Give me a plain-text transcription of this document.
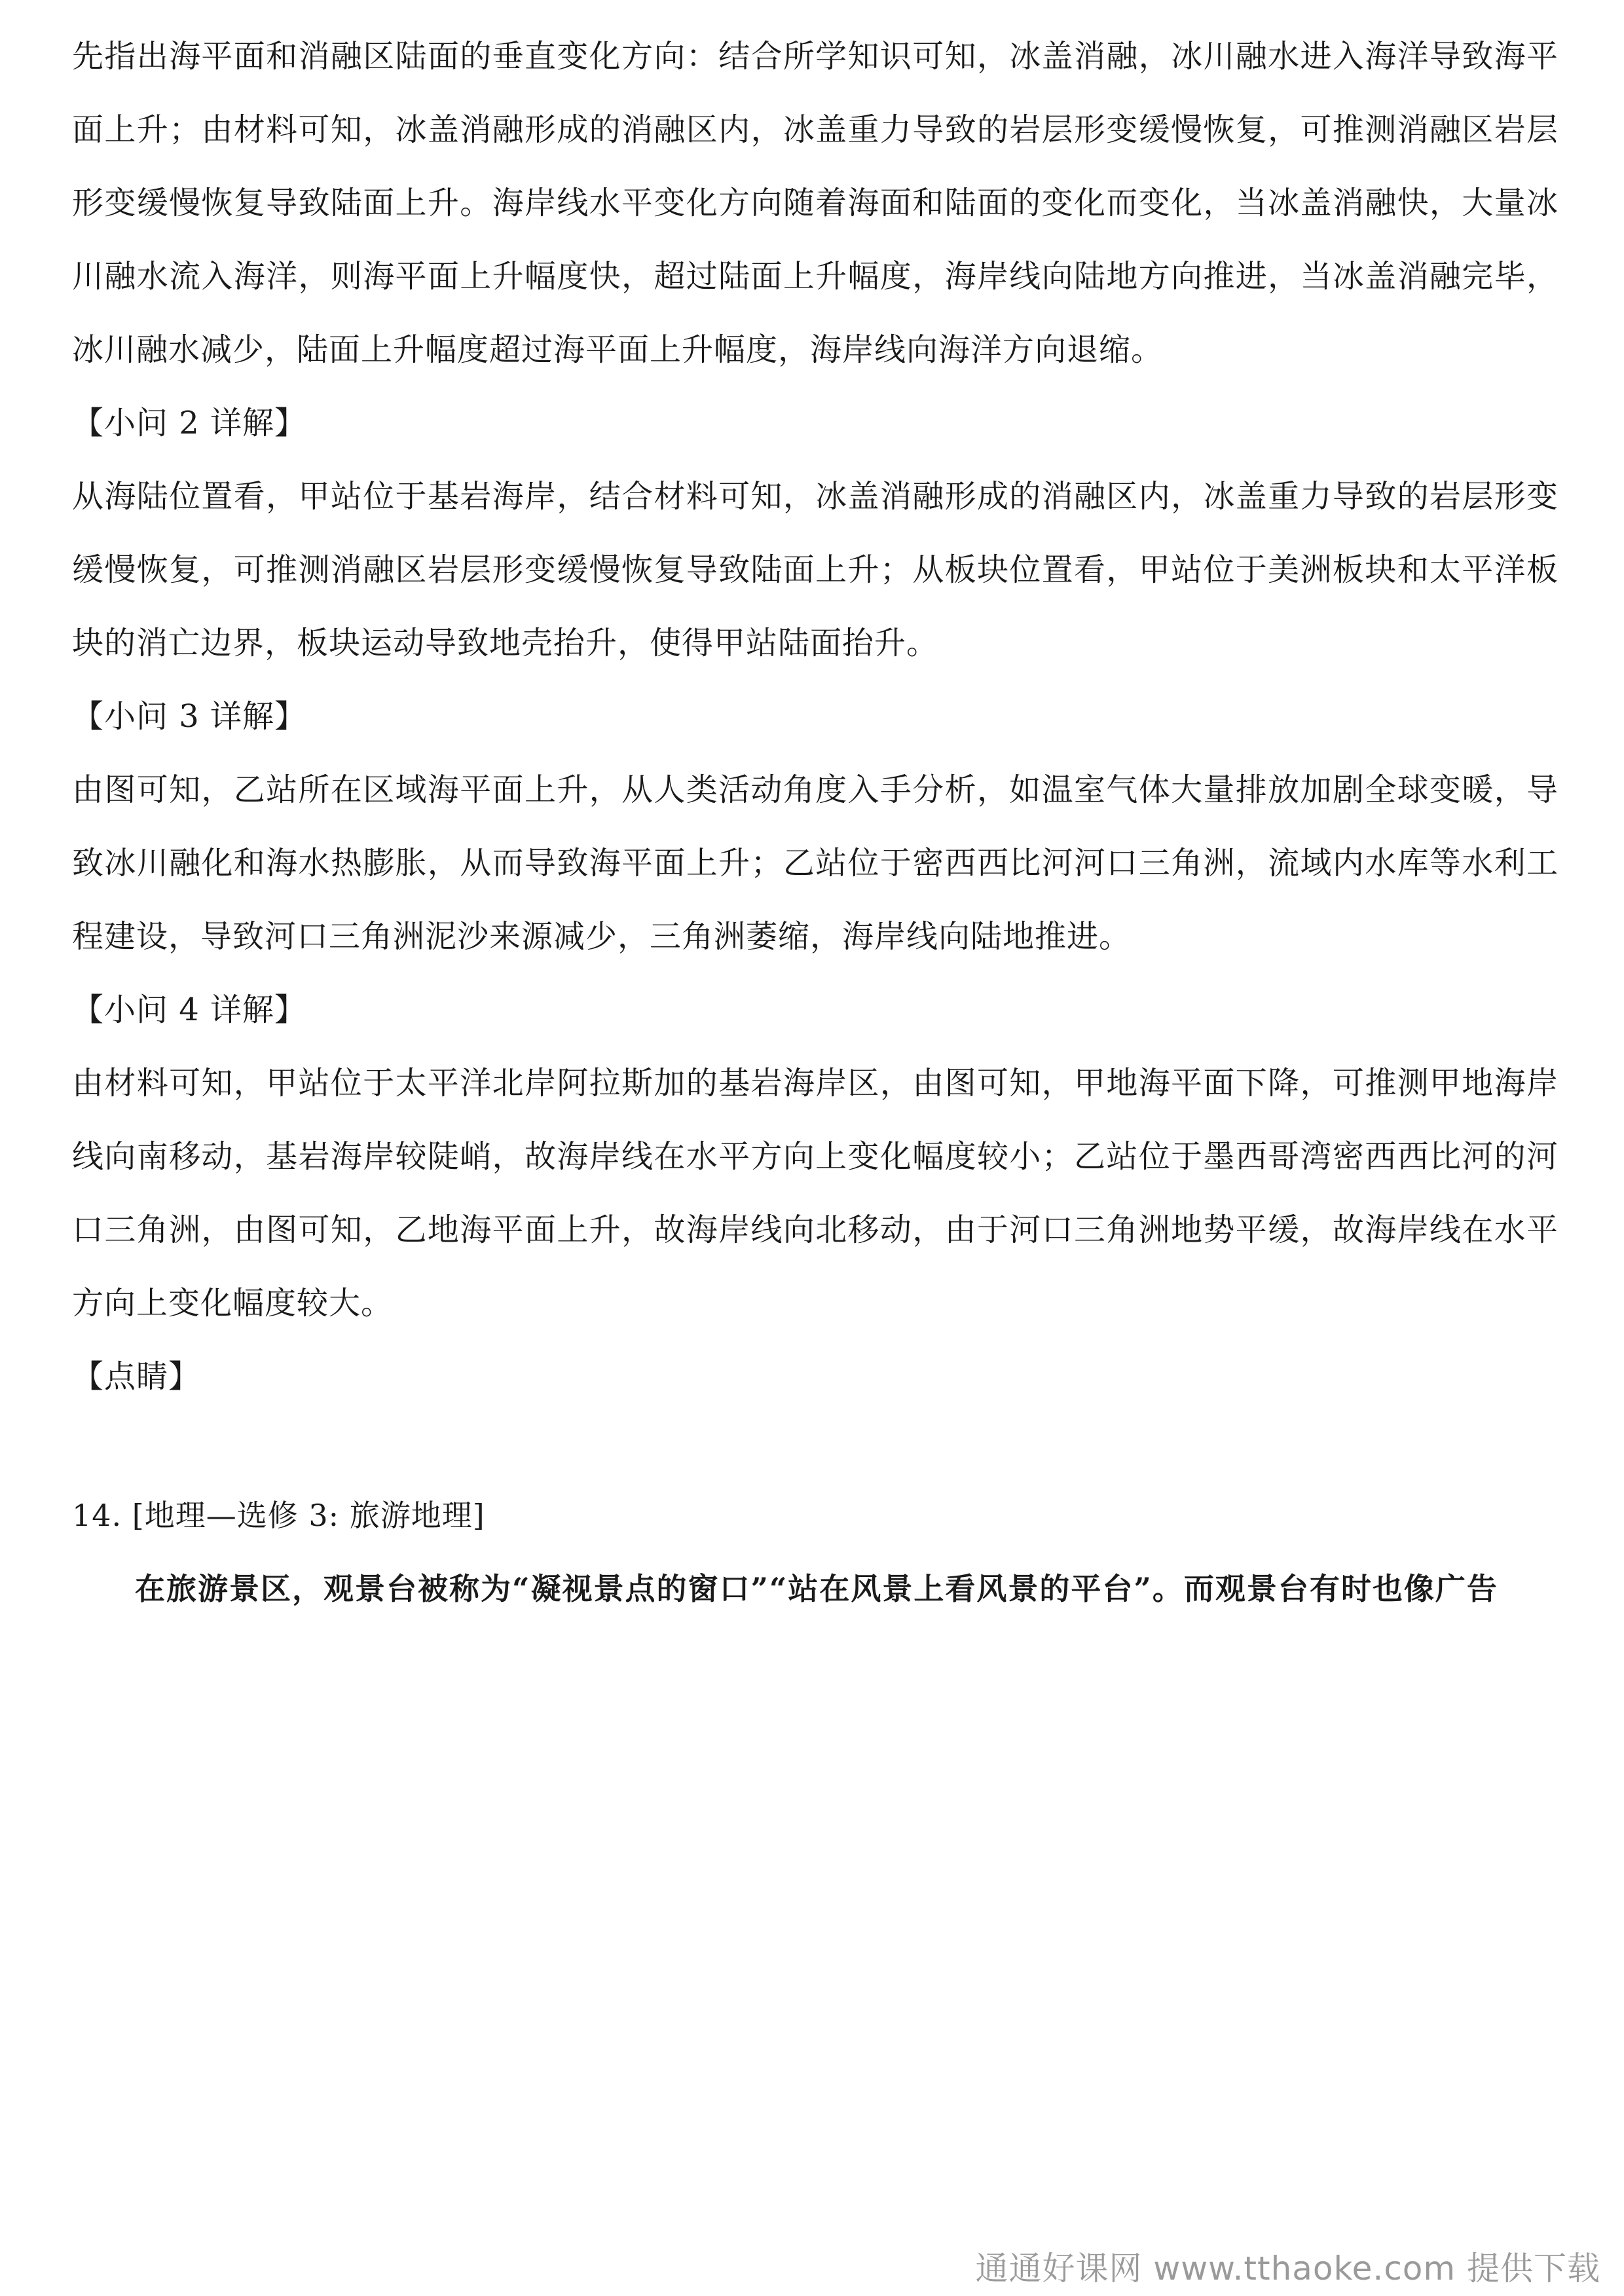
先指出海平面和消融区陆面的垂直变化方向：结合所学知识可知，冰盖消融，冰川融水进入海洋导致海平面上升；由材料可知，冰盖消融形成的消融区内，冰盖重力导致的岩层形变缓慢恢复，可推测消融区岩层形变缓慢恢复导致陆面上升。海岸线水平变化方向随着海面和陆面的变化而变化，当冰盖消融快，大量冰川融水流入海洋，则海平面上升幅度快，超过陆面上升幅度，海岸线向陆地方向推进，当冰盖消融完毕，冰川融水减少，陆面上升幅度超过海平面上升幅度，海岸线向海洋方向退缩。

【小问 2 详解】

从海陆位置看，甲站位于基岩海岸，结合材料可知，冰盖消融形成的消融区内，冰盖重力导致的岩层形变缓慢恢复，可推测消融区岩层形变缓慢恢复导致陆面上升；从板块位置看，甲站位于美洲板块和太平洋板块的消亡边界，板块运动导致地壳抬升，使得甲站陆面抬升。

【小问 3 详解】

由图可知，乙站所在区域海平面上升，从人类活动角度入手分析，如温室气体大量排放加剧全球变暖，导致冰川融化和海水热膨胀，从而导致海平面上升；乙站位于密西西比河河口三角洲，流域内水库等水利工程建设，导致河口三角洲泥沙来源减少，三角洲萎缩，海岸线向陆地推进。

【小问 4 详解】

由材料可知，甲站位于太平洋北岸阿拉斯加的基岩海岸区，由图可知，甲地海平面下降，可推测甲地海岸线向南移动，基岩海岸较陡峭，故海岸线在水平方向上变化幅度较小；乙站位于墨西哥湾密西西比河的河口三角洲，由图可知，乙地海平面上升，故海岸线向北移动，由于河口三角洲地势平缓，故海岸线在水平方向上变化幅度较大。

【点睛】

14. [地理—选修 3: 旅游地理]

在旅游景区，观景台被称为“凝视景点的窗口”“站在风景上看风景的平台”。而观景台有时也像广告

通通好课网 www.tthaoke.com 提供下载
